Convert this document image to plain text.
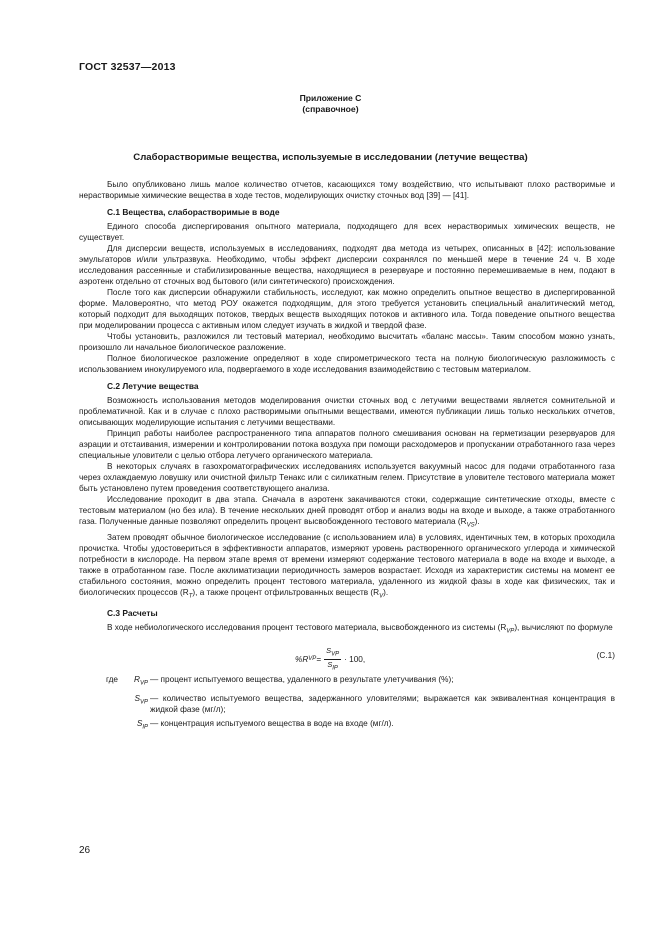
ГОСТ 32537—2013
Приложение C
(справочное)
Слаборастворимые вещества, используемые в исследовании (летучие вещества)

Было опубликовано лишь малое количество отчетов, касающихся тому воздействию, что испытывают плохо растворимые и нерастворимые химические вещества в ходе тестов, моделирующих очистку сточных вод [39] — [41].

С.1 Вещества, слаборастворимые в воде

Единого способа диспергирования опытного материала, подходящего для всех нерастворимых химических веществ, не существует.

Для дисперсии веществ, используемых в исследованиях, подходят два метода из четырех, описанных в [42]: использование эмульгаторов и/или ультразвука. Необходимо, чтобы эффект дисперсии сохранялся по меньшей мере в течение 24 ч. В ходе исследования рассеянные и стабилизированные вещества, находящиеся в резервуаре и постоянно перемешиваемые в нем, подают в аэротенк отдельно от сточных вод бытового (или синтетического) происхождения.

После того как дисперсии обнаружили стабильность, исследуют, как можно определить опытное вещество в диспергированной форме. Маловероятно, что метод РОУ окажется подходящим, для этого требуется установить специальный аналитический метод, который подходит для выходящих потоков, твердых веществ выходящих потоков и активного ила. Тогда поведение опытного вещества при моделировании процесса с активным илом следует изучать в жидкой и твердой фазе.

Чтобы установить, разложился ли тестовый материал, необходимо высчитать «баланс массы». Таким способом можно узнать, произошло ли начальное биологическое разложение.

Полное биологическое разложение определяют в ходе спирометрического теста на полную биологическую разложимость с использованием инокулируемого ила, подвергаемого в ходе исследования взаимодействию с тестовым материалом.

С.2 Летучие вещества

Возможность использования методов моделирования очистки сточных вод с летучими веществами является сомнительной и проблематичной. Как и в случае с плохо растворимыми опытными веществами, имеются публикации лишь только нескольких отчетов, описывающих моделирующие испытания с летучими веществами.

Принцип работы наиболее распространенного типа аппаратов полного смешивания основан на герметизации резервуаров для аэрации и отстаивания, измерении и контролировании потока воздуха при помощи расходомеров и пропускании отработанного газа через специальные уловители с целью отбора летучего органического материала.

В некоторых случаях в газохроматографических исследованиях используется вакуумный насос для подачи отработанного газа через охлаждаемую ловушку или очистной фильтр Тенакс или с силикатным гелем. Присутствие в уловителе тестового материала может быть установлено путем проведения соответствующего анализа.

Исследование проходит в два этапа. Сначала в аэротенк закачиваются стоки, содержащие синтетические отходы, вместе с тестовым материалом (но без ила). В течение нескольких дней проводят отбор и анализ воды на входе и выходе, а также отработанного газа. Полученные данные позволяют определить процент высвобожденного тестового материала $(R_{VS})$.

Затем проводят обычное биологическое исследование (с использованием ила) в условиях, идентичных тем, в которых проходила прочистка. Чтобы удостовериться в эффективности аппаратов, измеряют уровень растворенного органического углерода и химической потребности в кислороде. На первом этапе время от времени измеряют содержание тестового материала в воде на входе и выходе, а также в отработанном газе. После акклиматизации периодичность замеров возрастает. Исходя из характеристик системы на момент ее стабильного состояния, можно определить процент тестового материала, удаленного из жидкой фазы в ходе как физических, так и биологических процессов $(R_T)$, а также процент отфильтрованных веществ $(R_V)$.

С.3 Расчеты

В ходе небиологического исследования процент тестового материала, высвобожденного из системы $(R_{VP})$, вычисляют по формуле

%R VP = $\frac{S_{VP}}{S_{IP}} \cdot 100$,	(C.1)
где	$R_{VP}$ — процент испытуемого вещества, удаленного в результате улетучивания (%);
$S_{VP}$ — количество испытуемого вещества, задержанного уловителями; выражается как эквивалентная концентрация в жидкой фазе (мг/л);
$S_{IP}$ — концентрация испытуемого вещества в воде на входе (мг/л).
26
